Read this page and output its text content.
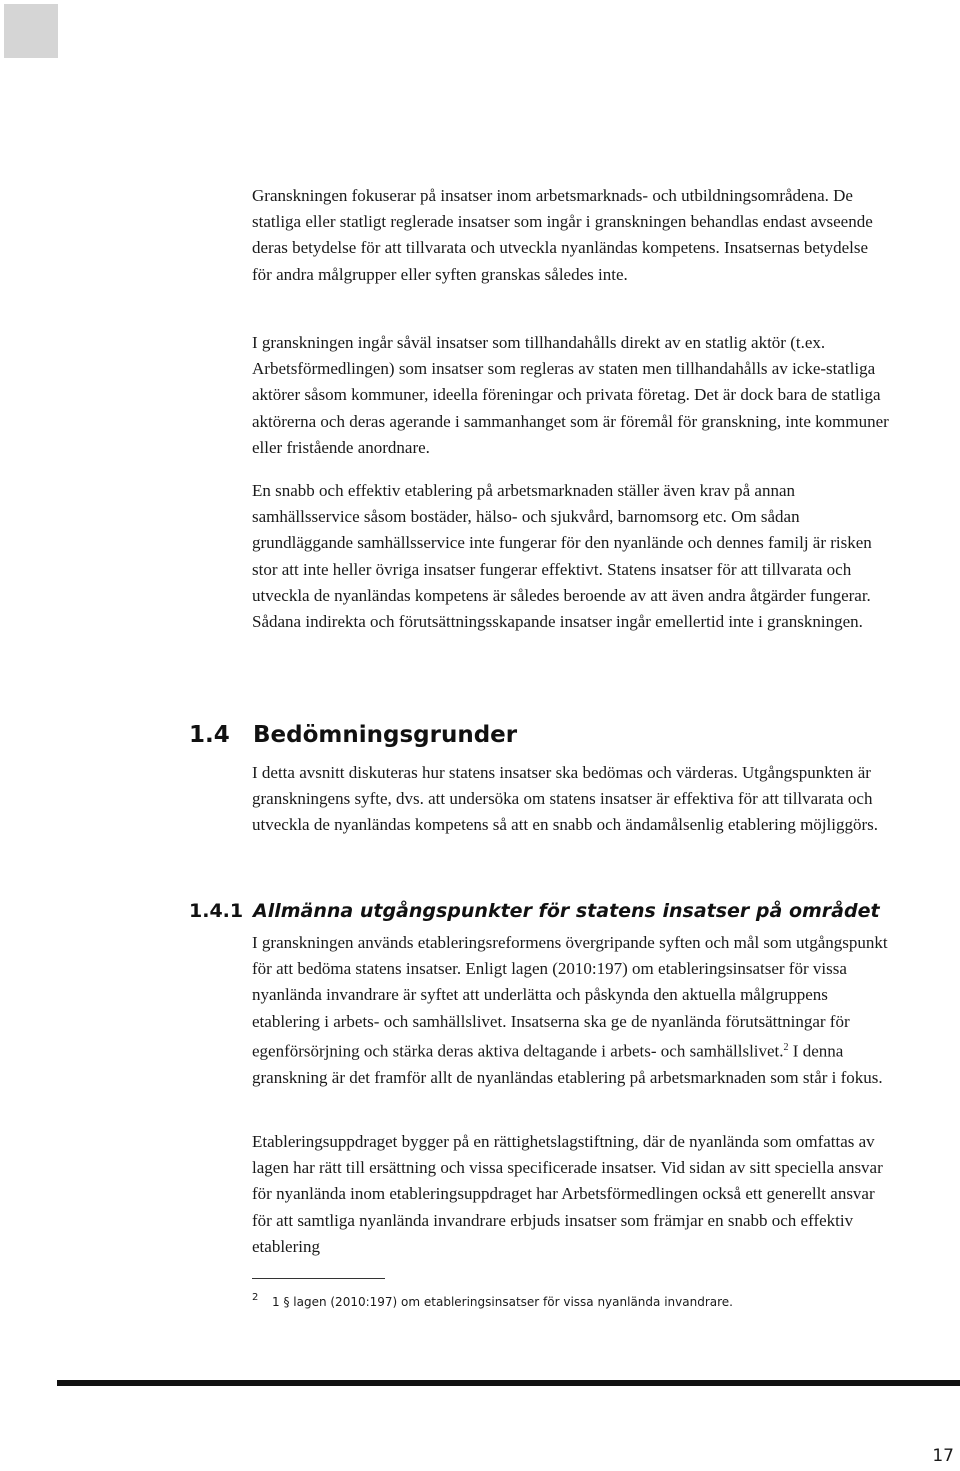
Granskningen fokuserar på insatser inom arbetsmarknads- och utbildningsområdena. De statliga eller statligt reglerade insatser som ingår i granskningen behandlas endast avseende deras betydelse för att tillvarata och utveckla nyanländas kompetens. Insatsernas betydelse för andra målgrupper eller syften granskas således inte.

I granskningen ingår såväl insatser som tillhandahålls direkt av en statlig aktör (t.ex. Arbetsförmedlingen) som insatser som regleras av staten men tillhandahålls av icke-statliga aktörer såsom kommuner, ideella föreningar och privata företag. Det är dock bara de statliga aktörerna och deras agerande i sammanhanget som är föremål för granskning, inte kommuner eller fristående anordnare.

En snabb och effektiv etablering på arbetsmarknaden ställer även krav på annan samhällsservice såsom bostäder, hälso- och sjukvård, barnomsorg etc. Om sådan grundläggande samhällsservice inte fungerar för den nyanlände och dennes familj är risken stor att inte heller övriga insatser fungerar effektivt. Statens insatser för att tillvarata och utveckla de nyanländas kompetens är således beroende av att även andra åtgärder fungerar. Sådana indirekta och förutsättningsskapande insatser ingår emellertid inte i granskningen.

1.4	Bedömningsgrunder

I detta avsnitt diskuteras hur statens insatser ska bedömas och värderas. Utgångspunkten är granskningens syfte, dvs. att undersöka om statens insatser är effektiva för att tillvarata och utveckla de nyanländas kompetens så att en snabb och ändamålsenlig etablering möjliggörs.

1.4.1 Allmänna utgångspunkter för statens insatser på området

I granskningen används etableringsreformens övergripande syften och mål som utgångspunkt för att bedöma statens insatser. Enligt lagen (2010:197) om etableringsinsatser för vissa nyanlända invandrare är syftet att underlätta och påskynda den aktuella målgruppens etablering i arbets- och samhällslivet. Insatserna ska ge de nyanlända förutsättningar för egenförsörjning och stärka deras aktiva deltagande i arbets- och samhällslivet.$^2$ I denna granskning är det framför allt de nyanländas etablering på arbetsmarknaden som står i fokus.

Etableringsuppdraget bygger på en rättighetslagstiftning, där de nyanlända som omfattas av lagen har rätt till ersättning och vissa specificerade insatser. Vid sidan av sitt speciella ansvar för nyanlända inom etableringsuppdraget har Arbetsförmedlingen också ett generellt ansvar för att samtliga nyanlända invandrare erbjuds insatser som främjar en snabb och effektiv etablering

2 1 § lagen (2010:197) om etableringsinsatser för vissa nyanlända invandrare.
17
